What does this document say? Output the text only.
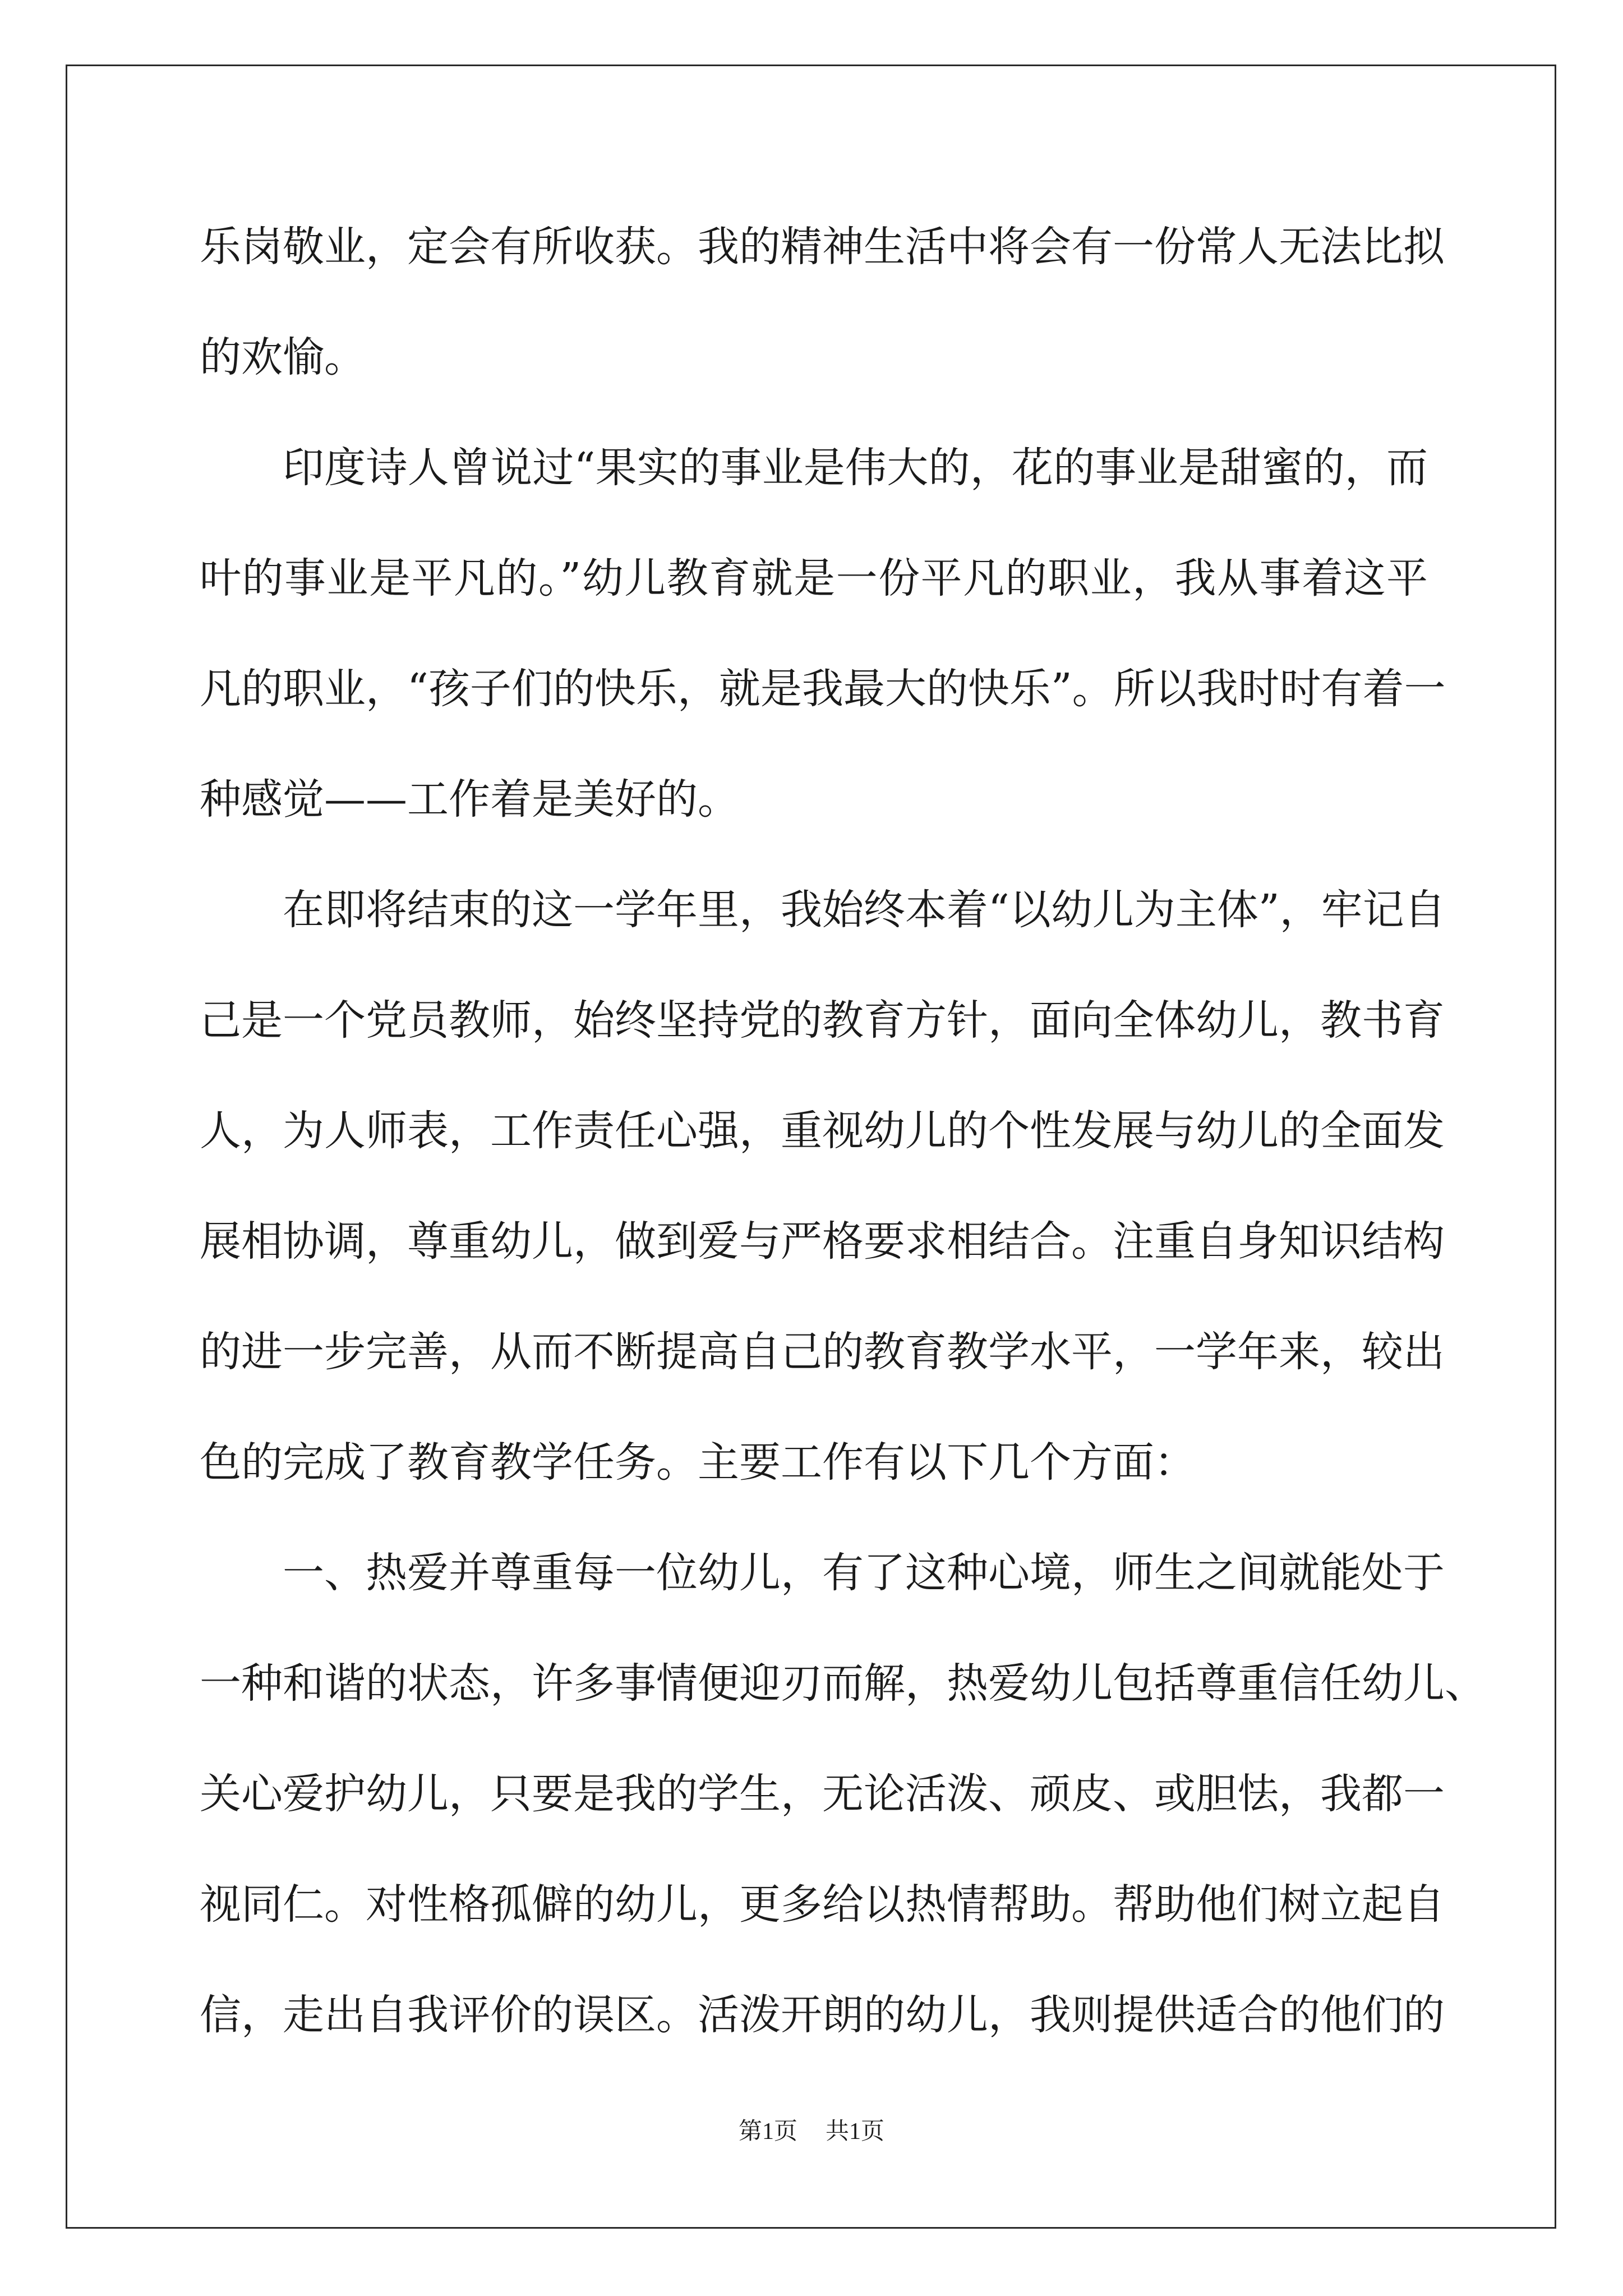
乐岗敬业，定会有所收获。我的精神生活中将会有一份常人无法比拟
的欢愉。
印度诗人曾说过“果实的事业是伟大的，花的事业是甜蜜的，而
叶的事业是平凡的。”幼儿教育就是一份平凡的职业，我从事着这平
凡的职业，“孩子们的快乐，就是我最大的快乐”。所以我时时有着一
种感觉——工作着是美好的。
在即将结束的这一学年里，我始终本着“以幼儿为主体”，牢记自
己是一个党员教师，始终坚持党的教育方针，面向全体幼儿，教书育
人，为人师表，工作责任心强，重视幼儿的个性发展与幼儿的全面发
展相协调，尊重幼儿，做到爱与严格要求相结合。注重自身知识结构
的进一步完善，从而不断提高自己的教育教学水平，一学年来，较出
色的完成了教育教学任务。主要工作有以下几个方面：
一、热爱并尊重每一位幼儿，有了这种心境，师生之间就能处于
一种和谐的状态，许多事情便迎刃而解，热爱幼儿包括尊重信任幼儿、
关心爱护幼儿，只要是我的学生，无论活泼、顽皮、或胆怯，我都一
视同仁。对性格孤僻的幼儿，更多给以热情帮助。帮助他们树立起自
信，走出自我评价的误区。活泼开朗的幼儿，我则提供适合的他们的
第1页 共1页
